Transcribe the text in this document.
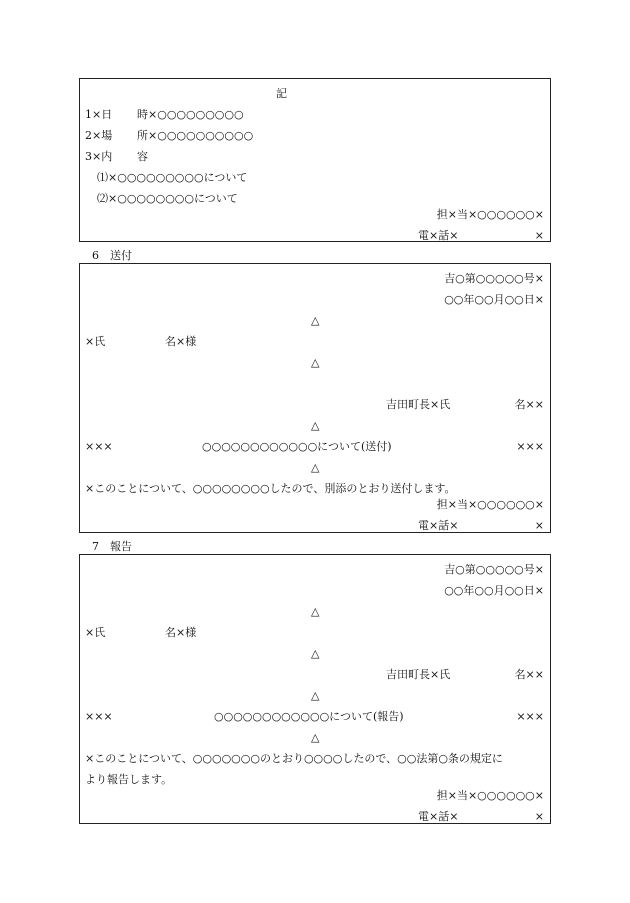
記
1×日 時×○○○○○○○○○
2×場 所×○○○○○○○○○○
3×内 容
⑴×○○○○○○○○○について
⑵×○○○○○○○○について
担×当×○○○○○○×
電×話×	×
6　送付
吉○第○○○○○号×
○○年○○月○○日×
△
×氏	名×様
△
吉田町長×氏	名××
△
×××	○○○○○○○○○○○○について(送付)	×××
△
×このことについて、○○○○○○○○したので、別添のとおり送付します。
担×当×○○○○○○×
電×話×	×
7　報告
吉○第○○○○○号×
○○年○○月○○日×
△
×氏	名×様
△
吉田町長×氏	名××
△
×××	○○○○○○○○○○○○について(報告)	×××
△
×このことについて、○○○○○○○のとおり○○○○したので、○○法第○条の規定に
より報告します。
担×当×○○○○○○×
電×話×	×
